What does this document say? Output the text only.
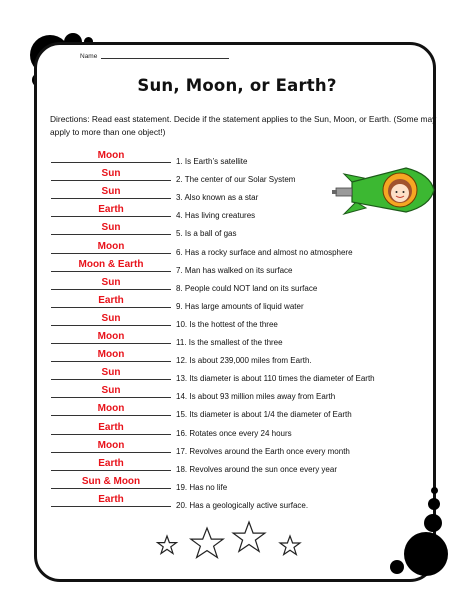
Name
Sun, Moon, or Earth?
Directions: Read east statement. Decide if the statement applies to the Sun, Moon, or Earth. (Some may apply to more than one object!)
Moon
1. Is Earth’s satellite
Sun
2. The center of our Solar System
Sun
3. Also known as a star
Earth
4. Has living creatures
Sun
5. Is a ball of gas
Moon
6. Has a rocky surface and almost no atmosphere
Moon & Earth
7. Man has walked on its surface
Sun
8. People could NOT land on its surface
Earth
9. Has large amounts of liquid water
Sun
10. Is the hottest of the three
Moon
11. Is the smallest of the three
Moon
12. Is about 239,000 miles from Earth.
Sun
13. Its diameter is about 110 times the diameter of Earth
Sun
14. Is about 93 million miles away from Earth
Moon
15. Its diameter is about 1/4 the diameter of Earth
Earth
16. Rotates once every 24 hours
Moon
17. Revolves around the Earth once every month
Earth
18. Revolves around the sun once every year
Sun & Moon
19. Has no life
Earth
20. Has a geologically active surface.
